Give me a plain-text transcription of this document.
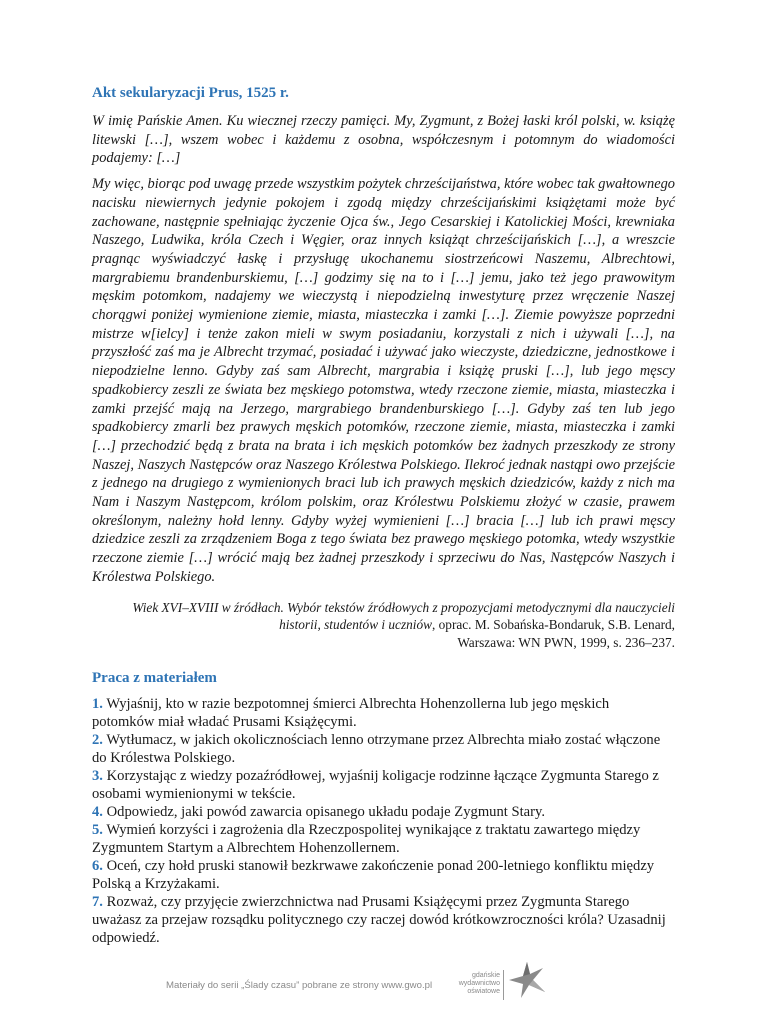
Akt sekularyzacji Prus, 1525 r.

W imię Pańskie Amen. Ku wiecznej rzeczy pamięci. My, Zygmunt, z Bożej łaski król polski, w. książę litewski […], wszem wobec i każdemu z osobna, współczesnym i potomnym do wiadomości podajemy: […]

My więc, biorąc pod uwagę przede wszystkim pożytek chrześcijaństwa, które wobec tak gwałtownego nacisku niewiernych jedynie pokojem i zgodą między chrześcijańskimi książętami może być zachowane, następnie spełniając życzenie Ojca św., Jego Cesarskiej i Katolickiej Mości, krewniaka Naszego, Ludwika, króla Czech i Węgier, oraz innych książąt chrześcijańskich […], a wreszcie pragnąc wyświadczyć łaskę i przysługę ukochanemu siostrzeńcowi Naszemu, Albrechtowi, margrabiemu brandenburskiemu, […] godzimy się na to i […] jemu, jako też jego prawowitym męskim potomkom, nadajemy we wieczystą i niepodzielną inwestyturę przez wręczenie Naszej chorągwi poniżej wymienione ziemie, miasta, miasteczka i zamki […]. Ziemie powyższe poprzedni mistrze w[ielcy] i tenże zakon mieli w swym posiadaniu, korzystali z nich i używali […], na przyszłość zaś ma je Albrecht trzymać, posiadać i używać jako wieczyste, dziedziczne, jednostkowe i niepodzielne lenno. Gdyby zaś sam Albrecht, margrabia i książę pruski […], lub jego męscy spadkobiercy zeszli ze świata bez męskiego potomstwa, wtedy rzeczone ziemie, miasta, miasteczka i zamki przejść mają na Jerzego, margrabiego brandenburskiego […]. Gdyby zaś ten lub jego spadkobiercy zmarli bez prawych męskich potomków, rzeczone ziemie, miasta, miasteczka i zamki […] przechodzić będą z brata na brata i ich męskich potomków bez żadnych przeszkody ze strony Naszej, Naszych Następców oraz Naszego Królestwa Polskiego. Ilekroć jednak nastąpi owo przejście z jednego na drugiego z wymienionych braci lub ich prawych męskich dziedziców, każdy z nich ma Nam i Naszym Następcom, królom polskim, oraz Królestwu Polskiemu złożyć w czasie, prawem określonym, należny hołd lenny. Gdyby wyżej wymienieni […] bracia […] lub ich prawi męscy dziedzice zeszli za zrządzeniem Boga z tego świata bez prawego męskiego potomka, wtedy wszystkie rzeczone ziemie […] wrócić mają bez żadnej przeszkody i sprzeciwu do Nas, Następców Naszych i Królestwa Polskiego.

Wiek XVI–XVIII w źródłach. Wybór tekstów źródłowych z propozycjami metodycznymi dla nauczycieli historii, studentów i uczniów, oprac. M. Sobańska-Bondaruk, S.B. Lenard,
Warszawa: WN PWN, 1999, s. 236–237.
Praca z materiałem

1. Wyjaśnij, kto w razie bezpotomnej śmierci Albrechta Hohenzollerna lub jego męskich potomków miał władać Prusami Książęcymi.

2. Wytłumacz, w jakich okolicznościach lenno otrzymane przez Albrechta miało zostać włączone do Królestwa Polskiego.

3. Korzystając z wiedzy pozaźródłowej, wyjaśnij koligacje rodzinne łączące Zygmunta Starego z osobami wymienionymi w tekście.

4. Odpowiedz, jaki powód zawarcia opisanego układu podaje Zygmunt Stary.

5. Wymień korzyści i zagrożenia dla Rzeczpospolitej wynikające z traktatu zawartego między Zygmuntem Startym a Albrechtem Hohenzollernem.

6. Oceń, czy hołd pruski stanowił bezkrwawe zakończenie ponad 200-letniego konfliktu między Polską a Krzyżakami.

7. Rozważ, czy przyjęcie zwierzchnictwa nad Prusami Książęcymi przez Zygmunta Starego uważasz za przejaw rozsądku politycznego czy raczej dowód krótkowzroczności króla? Uzasadnij odpowiedź.

Materiały do serii „Ślady czasu” pobrane ze strony www.gwo.pl
gdańskie
wydawnictwo
oświatowe
